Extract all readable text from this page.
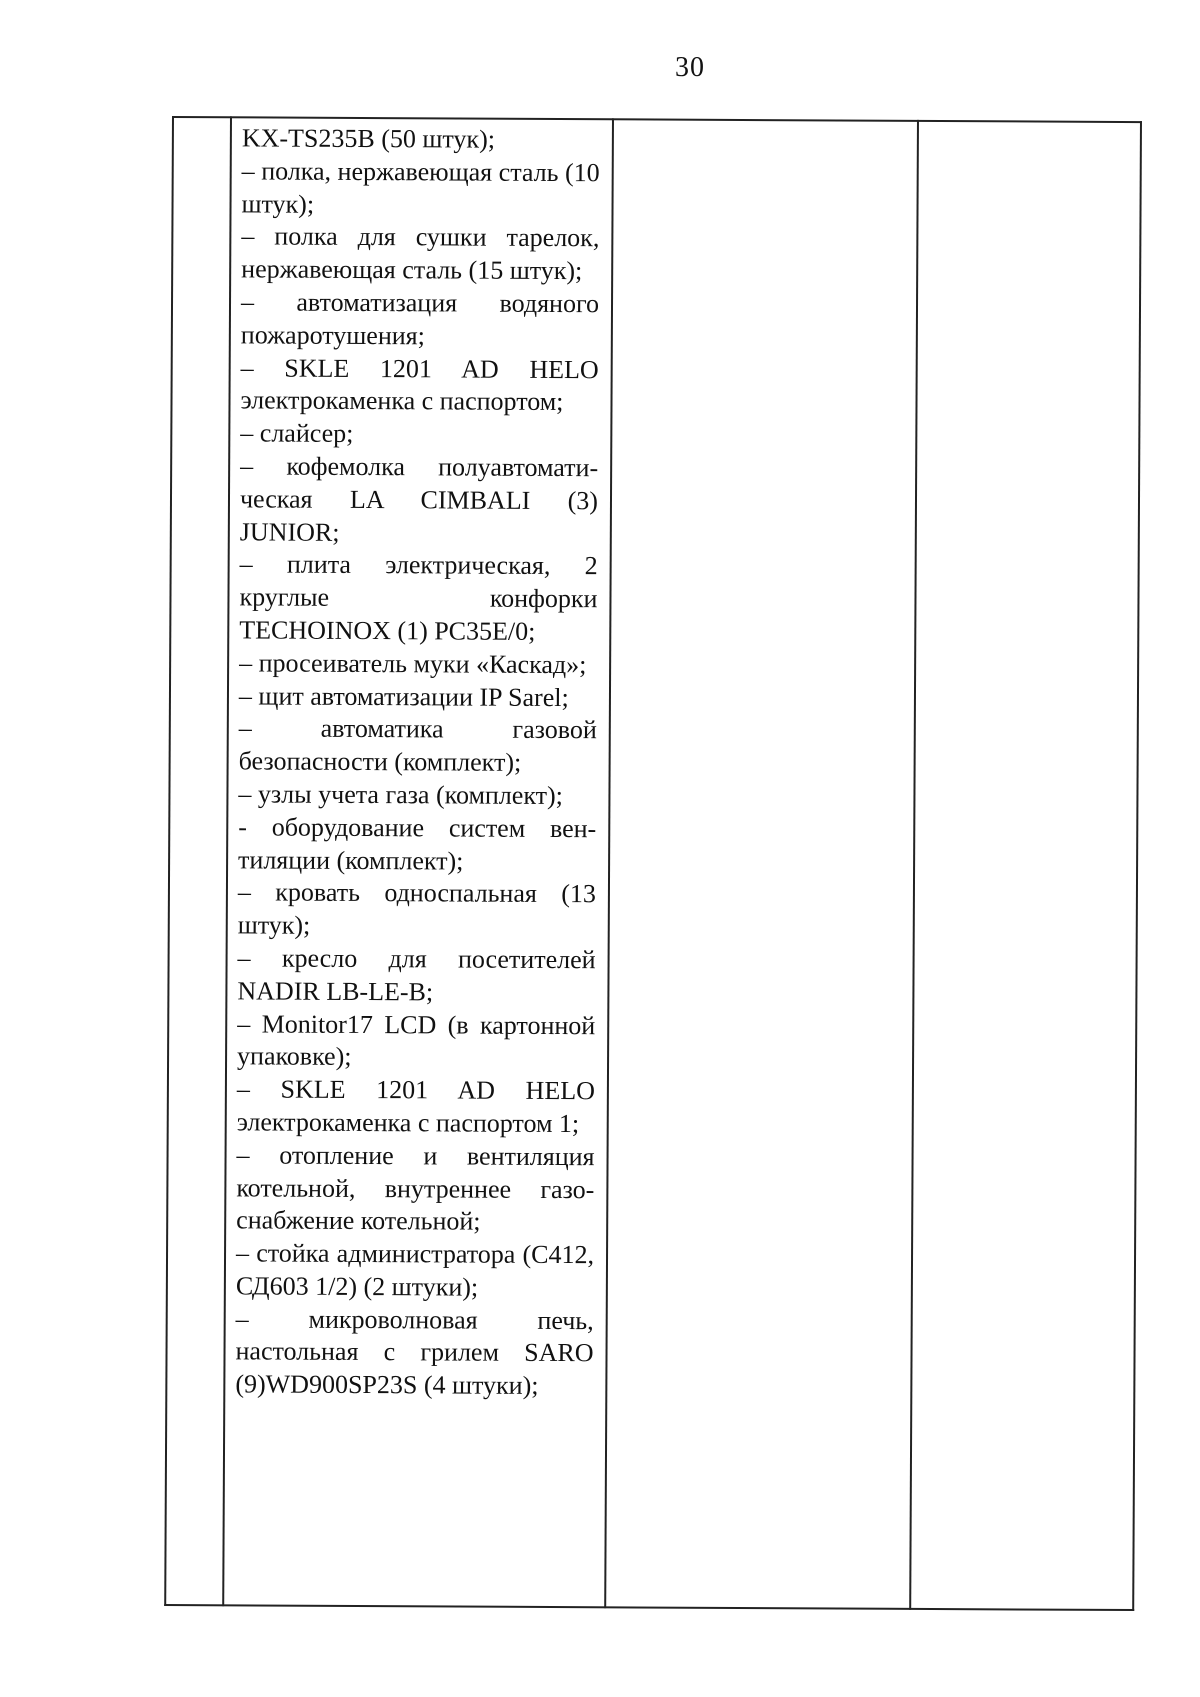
30
KX-TS235B (50 штук);
– полка, нержавеющая сталь (10 штук);
– полка для сушки тарелок, нержавеющая сталь (15 штук);
– автоматизация водяного пожаротушения;
– SKLE 1201 AD HELO электрокаменка с паспортом;
– слайсер;
– кофемолка полуавтоматическая LA CIMBALI (3) JUNIOR;
– плита электрическая, 2 круглые конфорки TECHOINOX (1) PC35E/0;
– просеиватель муки «Каскад»;
– щит автоматизации IP Sarel;
– автоматика газовой безопасности (комплект);
– узлы учета газа (комплект);
- оборудование систем вентиляции (комплект);
– кровать односпальная (13 штук);
– кресло для посетителей NADIR LB-LE-B;
– Monitor17 LCD (в картонной упаковке);
– SKLE 1201 AD HELO электрокаменка с паспортом 1;
– отопление и вентиляция котельной, внутреннее газоснабжение котельной;
– стойка администратора (С412, СД603 1/2) (2 штуки);
– микроволновая печь, настольная с грилем SARO (9)WD900SP23S (4 штуки);
